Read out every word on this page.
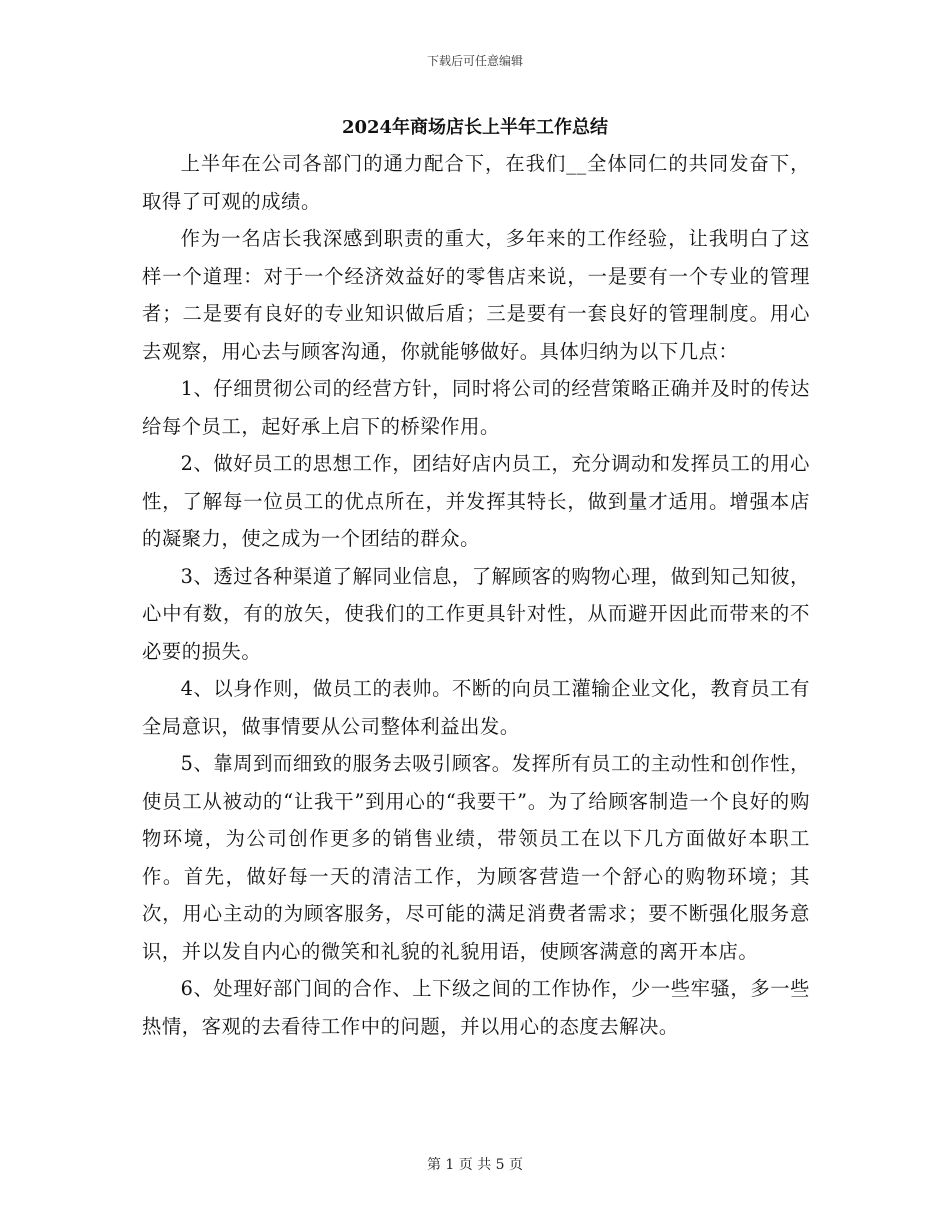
下载后可任意编辑
2024年商场店长上半年工作总结

上半年在公司各部门的通力配合下，在我们__全体同仁的共同发奋下，取得了可观的成绩。

作为一名店长我深感到职责的重大，多年来的工作经验，让我明白了这样一个道理：对于一个经济效益好的零售店来说，一是要有一个专业的管理者；二是要有良好的专业知识做后盾；三是要有一套良好的管理制度。用心去观察，用心去与顾客沟通，你就能够做好。具体归纳为以下几点：

1、仔细贯彻公司的经营方针，同时将公司的经营策略正确并及时的传达给每个员工，起好承上启下的桥梁作用。

2、做好员工的思想工作，团结好店内员工，充分调动和发挥员工的用心性，了解每一位员工的优点所在，并发挥其特长，做到量才适用。增强本店的凝聚力，使之成为一个团结的群众。

3、透过各种渠道了解同业信息，了解顾客的购物心理，做到知己知彼，心中有数，有的放矢，使我们的工作更具针对性，从而避开因此而带来的不必要的损失。

4、以身作则，做员工的表帅。不断的向员工灌输企业文化，教育员工有全局意识，做事情要从公司整体利益出发。

5、靠周到而细致的服务去吸引顾客。发挥所有员工的主动性和创作性，使员工从被动的“让我干”到用心的“我要干”。为了给顾客制造一个良好的购物环境，为公司创作更多的销售业绩，带领员工在以下几方面做好本职工作。首先，做好每一天的清洁工作，为顾客营造一个舒心的购物环境；其次，用心主动的为顾客服务，尽可能的满足消费者需求；要不断强化服务意识，并以发自内心的微笑和礼貌的礼貌用语，使顾客满意的离开本店。

6、处理好部门间的合作、上下级之间的工作协作，少一些牢骚，多一些热情，客观的去看待工作中的问题，并以用心的态度去解决。

第 1 页 共 5 页
